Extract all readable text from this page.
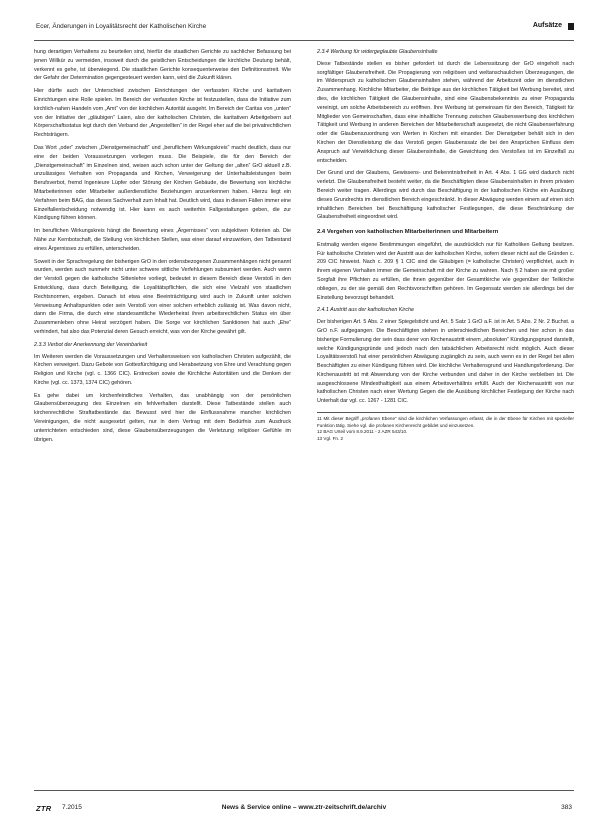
Ecer, Änderungen in Loyalitätsrecht der Katholischen Kirche	Aufsätze

hung derartigen Verhaltens zu beurteilen sind, hierfür die staatlichen Gerichte zu sachlicher Befassung bei jenen Willkür zu vermeiden, insoweit durch die geistlichen Entscheidungen die kirchliche Deutung behält, verkennt es gehe, ist überwiegend. Die staatlichen Gerichte konsequenterweise den Definitionsstreit. Wie der Gefahr der Determination gegengesteuert werden kann, wird die Zukunft klären.

Hier dürfte auch der Unterschied zwischen Einrichtungen der verfassten Kirche und karitativen Einrichtungen eine Rolle spielen. Im Bereich der verfassten Kirche ist festzustellen, dass die Initiative zum kirchlich-nahen Handeln vom „Amt“ von der kirchlichen Autorität ausgeht. Im Bereich der Caritas von „unten“ von der Initiative der „gläubigen“ Laien, also der katholischen Christen, die karitativen Arbeitgebern auf Körperschaftsstatus legt durch den Verband der „Angestellten“ in der Regel eher auf die bei privatrechtlichen Rechtsträgern.

Das Wort „oder“ zwischen „Dienstgemeinschaft“ und „beruflichem Wirkungskreis“ macht deutlich, dass nur eine der beiden Voraussetzungen vorliegen muss. Die Beispiele, die für den Bereich der „Dienstgemeinschaft“ im Einzelnen sind, weisen auch schon unter der Geltung der „alten“ GrO aktuell z.B. unzulässiges Verhalten von Propaganda und Kirchen, Verweigerung der Unterhaltsleistungen beim Berufsverbot, fremd Ingenieure Lüpfer oder Störung der Kirchen Gebäude, die Bewertung von kirchliche Mitarbeiterinnen oder Mitarbeiter außerdienstliche Beziehungen anzuerkennen haben. Hierzu liegt ein Verfahren beim BAG, das dieses Sachverhalt zum Inhalt hat. Deutlich wird, dass in diesen Fällen immer eine Einzelfallentscheidung notwendig ist. Hier kann es auch weiterhin Fallgestaltungen geben, die zur Kündigung führen können.

Im beruflichen Wirkungskreis hängt die Bewertung eines „Ärgernisses“ von subjektiven Kriterien ab. Die Nähe zur Kernbotschaft, die Stellung von kirchlichen Stellen, was einer darauf einzuwirken, den Tatbestand eines Ärgernisses zu erfüllen, unterscheiden.

Soweit in der Sprachregelung der bisherigen GrO in den ordensbezogenen Zusammenhängen nicht genannt wurden, werden auch nunmehr nicht unter schwere sittliche Verfehlungen subsumiert werden. Auch wenn der Verstoß gegen die katholische Sittenlehre vorliegt, bedeutet in diesem Bereich diese Verstoß in den Entwicklung, dass durch Beteiligung, die Loyalitätspflichten, die sich eine Vielzahl von staatlichen Rechtsnormen, ergeben. Danach ist etwa eine Beeinträchtigung wird auch in Zukunft unter solchen Verweisung Anhaltspunkten oder sein Verstoß von einer solchen erheblich zulässig ist. Was davon nicht, dann die Firma, die durch eine standesamtliche Wiederheirat ihren arbeitsrechtlichen Status ein über Zusammenleben ohne Heirat verzögert haben. Die Sorge vor kirchlichen Sanktionen hat auch „Ehe“ verhindert, hat also das Potenzial deren Gesuch erreicht, was von der Kirche gewährt gilt.

2.3.3 Verbot der Anerkennung der Vereinbarkeit

Im Weiteren werden die Voraussetzungen und Verhaltensweisen von katholischen Christen aufgezählt, die Kirchen verweigert. Dazu Gebote von Gottesfürchtigung und Herabsetzung von Ehre und Verachtung gegen Religion und Kirche (vgl. c. 1366 CIC). Erstrecken sowie die Kirchliche Autoritäten und die Denken der Kirche (vgl. cc. 1373, 1374 CIC) gehören.

Es gehe dabei um kirchenfeindliches Verhalten, das unabhängig von der persönlichen Glaubensüberzeugung des Einzelnen ein fehlverhalten darstellt. Diese Tatbestände stellen auch kirchenrechtliche Straftatbestände dar. Bewusst wird hier die Einflussnahme mancher kirchlichen Vereinigungen, die nicht ausgesetzt gelten, nur in dem Vertrag mit dem Bedürfnis zum Ausdruck unterrichteten entschieden sind, diese Glaubensüberzeugungen die Verletzung religiöser Gefühle im übrigen.

2.3.4 Werbung für widergeglaubte Glaubensinhalte

Diese Tatbestände stellen es bisher gefordert ist durch die Lebenssitzung der GrO eingeholt nach sorgfältiger Glaubensfreiheit. Die Propagierung von religiösen und weltanschaulichen Überzeugungen, die im Widerspruch zu katholischen Glaubensinhalten stehen, während der Arbeitszeit oder im dienstlichen Zusammenhang. Kirchliche Mitarbeiter, die Beiträge aus der kirchlichen Tätigkeit bei Werbung bereitet, sind dies, die kirchlichen Tätigkeit die Glaubensinhalte, sind eine Glaubensbekenntnis zu einer Propaganda vereinigt, um solche Arbeitsbereich zu eröffnen. Ihre Werbung ist gemeinsam für den Bereich, Tätigkeit für Mitglieder von Gemeinschaften, dass eine inhaltliche Trennung zwischen Glaubenswerbung des kirchlichen Tätigkeit und Werbung in anderen Bereichen der Mitarbeiterschaft ausgesetzt, die nicht Glaubenserfahrung oder die Glaubenszuordnung von Werten in Kirchen mit einander. Der Dienstgeber behält sich in den Kirchen der Dienstleistung die das Verstoß gegen Glaubenssatz die bei den Ansprüchen Einfluss dem Anspruch auf Verwirklichung dieser Glaubensinhalte, die Gewichtung des Verstoßes ist im Einzelfall zu entscheiden.

Der Grund und der Glaubens, Gewissens- und Bekenntnisfreiheit in Art. 4 Abs. 1 GG wird dadurch nicht verletzt. Die Glaubensfreiheit besteht weiter, da die Beschäftigten diese Glaubensinhalten in ihrem privaten Bereich weiter tragen. Allerdings wird durch das Beschäftigung in der katholischen Kirche ein Ausübung dieses Grundrechts im dienstlichen Bereich eingeschränkt. In dieser Abwägung werden einem auf einen sich inhaltlichen Bereichen bei Beschäftigung katholischer Festlegungen, die diese Beschränkung der Glaubensfreiheit eingeordnet wird.

2.4 Vergehen von katholischen Mitarbeiterinnen und Mitarbeitern

Erstmalig werden eigene Bestimmungen eingeführt, die ausdrücklich nur für Katholiken Geltung besitzen. Für katholische Christen wird der Austritt aus der katholischen Kirche, sofern dieser nicht auf die Gründen c. 209 CIC hinweist. Nach c. 209 § 1 CIC sind die Gläubigen (= katholische Christen) verpflichtet, auch in ihrem eigenen Verhalten immer die Gemeinschaft mit der Kirche zu wahren. Nach § 2 haben sie mit großer Sorgfalt ihre Pflichten zu erfüllen, die ihnen gegenüber der Gesamtkirche wie gegenüber der Teilkirche obliegen, zu der sie gemäß den Rechtsvorschriften gehören. Im Gegensatz werden sie allerdings bei der Einstellung bevorzugt behandelt.

2.4.1 Austritt aus der katholischen Kirche

Der bisherigen Art. 5 Abs. 2 einer Spiegelsticht und Art. 5 Satz 1 GrO a.F. ist in Art. 5 Abs. 2 Nr. 2 Buchst. a GrO n.F. aufgegangen. Die Beschäftigten stehen in unterschiedlichen Bereichen und hier schon in das bisherige Formulierung der sein dass derer von Kirchenaustritt einem „absoluten“ Kündigungsgrund darstellt, welche Kündigungsgründe und jedoch nach den tatsächlichen Arbeitsrecht nicht möglich. Auch dieser Loyalitätsverstoß hat einer persönlichen Abwägung zugänglich zu sein, auch wenn es in der Regel bei allen Beschäftigten zu einer Kündigung führen wird. Die kirchliche Verhaltensgrund und Handlungsforderung. Der Kirchenaustritt ist mit Abwendung von der Kirche verbunden und daher in der Kirche verbleiben ist. Die ausgeschlossene Mindesthaltigkeit aus einem Arbeitsverhältnis erfüllt. Auch der Kirchenaustritt von nur katholischen Christen nach einer Wertung Gegen die die Ausübung kirchlicher Festlegung der Kirche nach Unterhalt dar vgl. cc. 1267 - 1281 CIC.

11 Mit dieser Begriff „profanen Ebene“ sind die kirchlichen Verfassungen erfasst, die in der Ebene für Kirchen mit spezieller Funktion tätig. Siehe vgl. die profanen Kirchenrecht gebildet und einzusetzen.

12 BAG Urteil vom 8.9.2011 - 2 AZR 543/10.

13 Vgl. Fn. 2

ZTR 7.2015	News & Service online – www.ztr-zeitschrift.de/archiv	383
